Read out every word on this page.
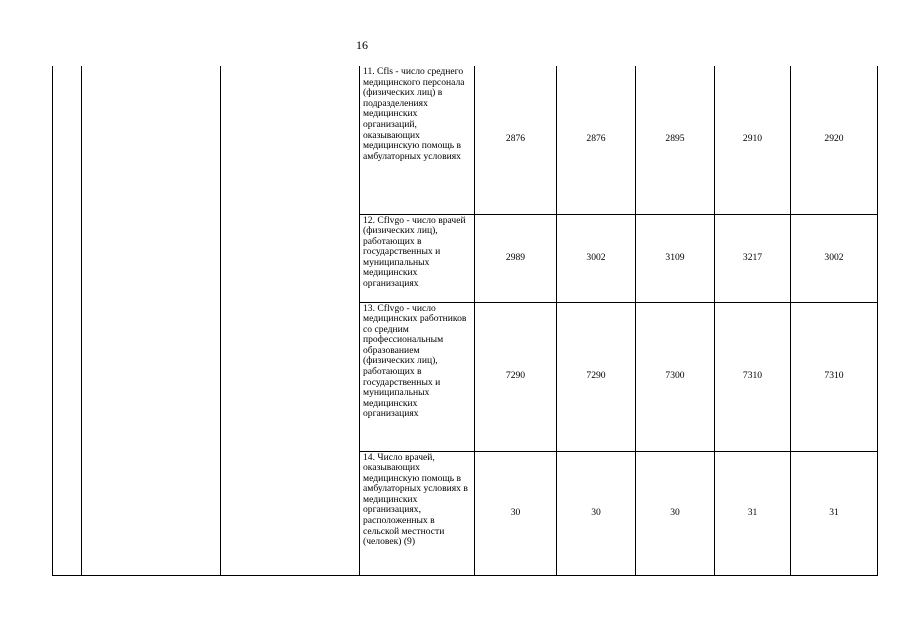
16
			11. Cfls - число среднего медицинского персонала (физических лиц) в подразделениях медицинских организаций, оказывающих медицинскую помощь в амбулаторных условиях	2876	2876	2895	2910	2920
			12. Cflvgo - число врачей (физических лиц), работающих в государственных и муниципальных медицинских организациях	2989	3002	3109	3217	3002
			13. Cflvgo - число медицинских работников со средним профессиональным образованием (физических лиц), работающих в государственных и муниципальных медицинских организациях	7290	7290	7300	7310	7310
			14. Число врачей, оказывающих медицинскую помощь в амбулаторных условиях в медицинских организациях, расположенных в сельской местности (человек) (9)	30	30	30	31	31
